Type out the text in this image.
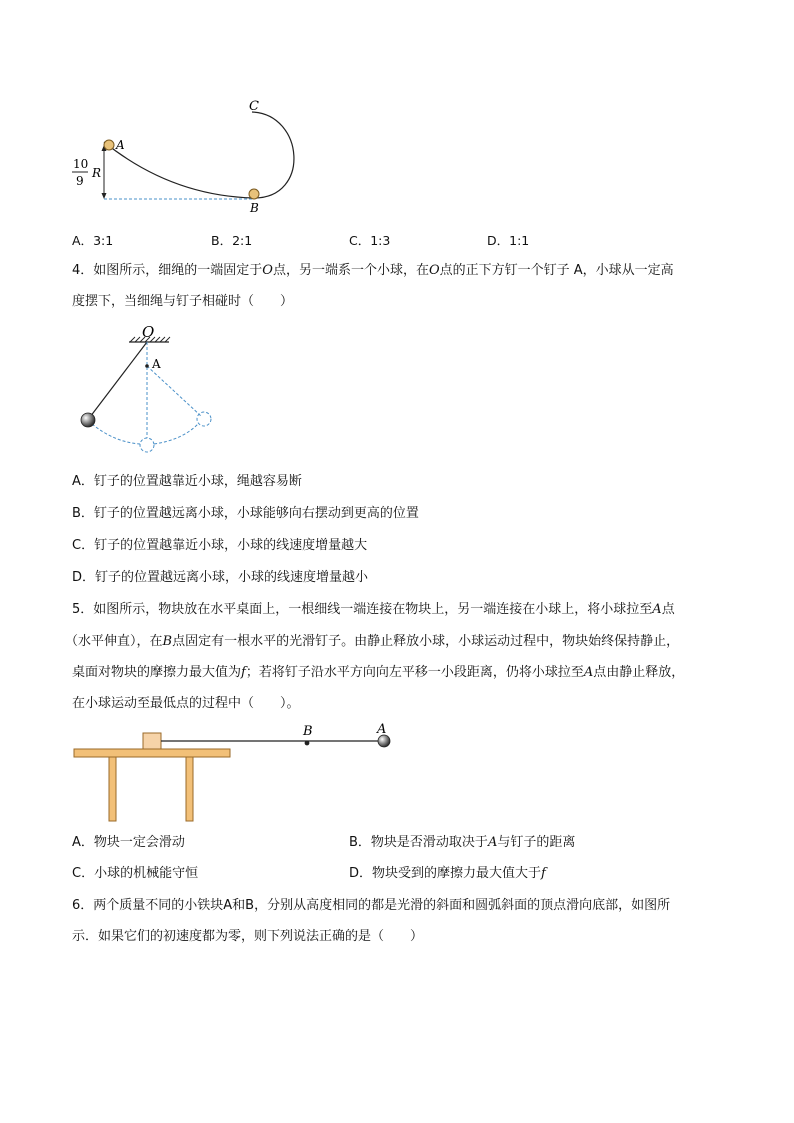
C
A
B
R
10
9
A．3:1	B．2:1	C．1:3	D．1:1
4．如图所示，细绳的一端固定于O点，另一端系一个小球，在O点的正下方钉一个钉子 A，小球从一定高
度摆下，当细绳与钉子相碰时（　　）
O
A
A．钉子的位置越靠近小球，绳越容易断
B．钉子的位置越远离小球，小球能够向右摆动到更高的位置
C．钉子的位置越靠近小球，小球的线速度增量越大
D．钉子的位置越远离小球，小球的线速度增量越小
5．如图所示，物块放在水平桌面上，一根细线一端连接在物块上，另一端连接在小球上，将小球拉至A点
（水平伸直），在B点固定有一根水平的光滑钉子。由静止释放小球，小球运动过程中，物块始终保持静止，
桌面对物块的摩擦力最大值为f；若将钉子沿水平方向向左平移一小段距离，仍将小球拉至A点由静止释放，
在小球运动至最低点的过程中（　　）。
B	A
A．物块一定会滑动	B．物块是否滑动取决于A与钉子的距离
C．小球的机械能守恒	D．物块受到的摩擦力最大值大于f
6．两个质量不同的小铁块A和B，分别从高度相同的都是光滑的斜面和圆弧斜面的顶点滑向底部，如图所
示．如果它们的初速度都为零，则下列说法正确的是（　　）
